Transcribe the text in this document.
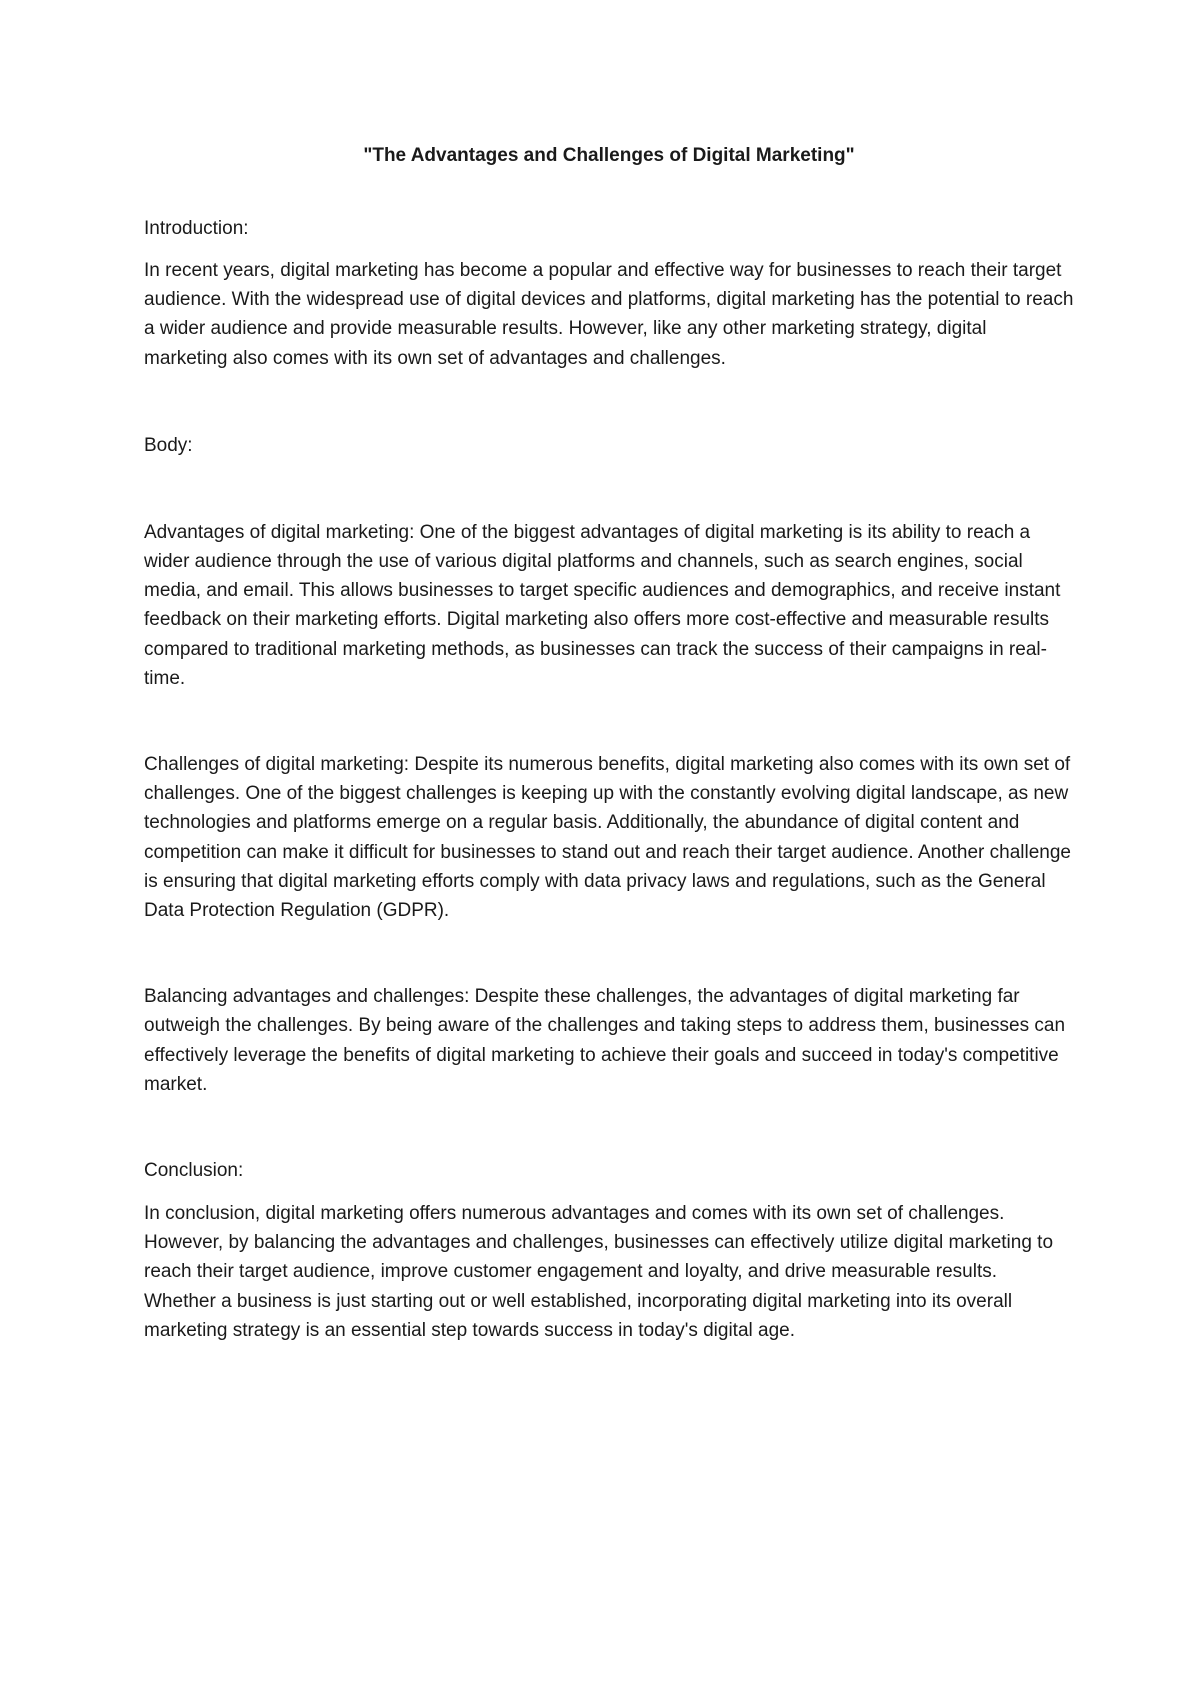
"The Advantages and Challenges of Digital Marketing"

Introduction:

In recent years, digital marketing has become a popular and effective way for businesses to reach their target audience. With the widespread use of digital devices and platforms, digital marketing has the potential to reach a wider audience and provide measurable results. However, like any other marketing strategy, digital marketing also comes with its own set of advantages and challenges.

Body:

Advantages of digital marketing: One of the biggest advantages of digital marketing is its ability to reach a wider audience through the use of various digital platforms and channels, such as search engines, social media, and email. This allows businesses to target specific audiences and demographics, and receive instant feedback on their marketing efforts. Digital marketing also offers more cost-effective and measurable results compared to traditional marketing methods, as businesses can track the success of their campaigns in real-time.

Challenges of digital marketing: Despite its numerous benefits, digital marketing also comes with its own set of challenges. One of the biggest challenges is keeping up with the constantly evolving digital landscape, as new technologies and platforms emerge on a regular basis. Additionally, the abundance of digital content and competition can make it difficult for businesses to stand out and reach their target audience. Another challenge is ensuring that digital marketing efforts comply with data privacy laws and regulations, such as the General Data Protection Regulation (GDPR).

Balancing advantages and challenges: Despite these challenges, the advantages of digital marketing far outweigh the challenges. By being aware of the challenges and taking steps to address them, businesses can effectively leverage the benefits of digital marketing to achieve their goals and succeed in today's competitive market.

Conclusion:

In conclusion, digital marketing offers numerous advantages and comes with its own set of challenges. However, by balancing the advantages and challenges, businesses can effectively utilize digital marketing to reach their target audience, improve customer engagement and loyalty, and drive measurable results. Whether a business is just starting out or well established, incorporating digital marketing into its overall marketing strategy is an essential step towards success in today's digital age.
